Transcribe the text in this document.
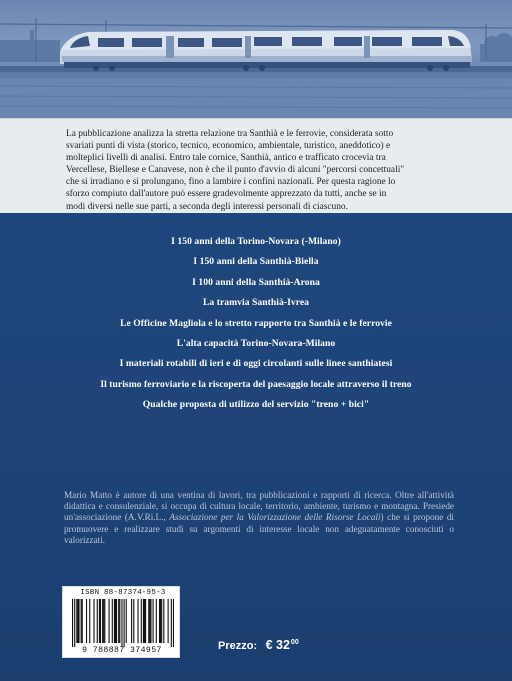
La pubblicazione analizza la stretta relazione tra Santhià e le ferrovie, considerata sotto
svariati punti di vista (storico, tecnico, economico, ambientale, turistico, aneddotico) e
molteplici livelli di analisi. Entro tale cornice, Santhià, antico e trafficato crocevia tra
Vercellese, Biellese e Canavese, non è che il punto d'avvio di alcuni "percorsi concettuali"
che si irradiano e si prolungano, fino a lambire i confini nazionali. Per questa ragione lo
sforzo compiuto dall'autore può essere gradevolmente apprezzato da tutti, anche se in
modi diversi nelle sue parti, a seconda degli interessi personali di ciascuno.

I 150 anni della Torino-Novara (-Milano)
I 150 anni della Santhià-Biella
I 100 anni della Santhià-Arona
La tramvia Santhià-Ivrea
Le Officine Magliola e lo stretto rapporto tra Santhià e le ferrovie
L'alta capacità Torino-Novara-Milano
I materiali rotabili di ieri e di oggi circolanti sulle linee santhiatesi
Il turismo ferroviario e la riscoperta del paesaggio locale attraverso il treno
Qualche proposta di utilizzo del servizio "treno + bici"

Mario Matto è autore di una ventina di lavori, tra pubblicazioni e rapporti di ricerca. Oltre all'attività didattica e consulenziale, si occupa di cultura locale, territorio, ambiente, turismo e montagna. Presiede un'associazione (A.V.Ri.L., Associazione per la Valorizzazione delle Risorse Locali) che si propone di promuovere e realizzare studi su argomenti di interesse locale non adeguatamente conosciuti o valorizzati.

ISBN 88-87374-95-3
9 788887 374957	Prezzo: € $32^{00}$
